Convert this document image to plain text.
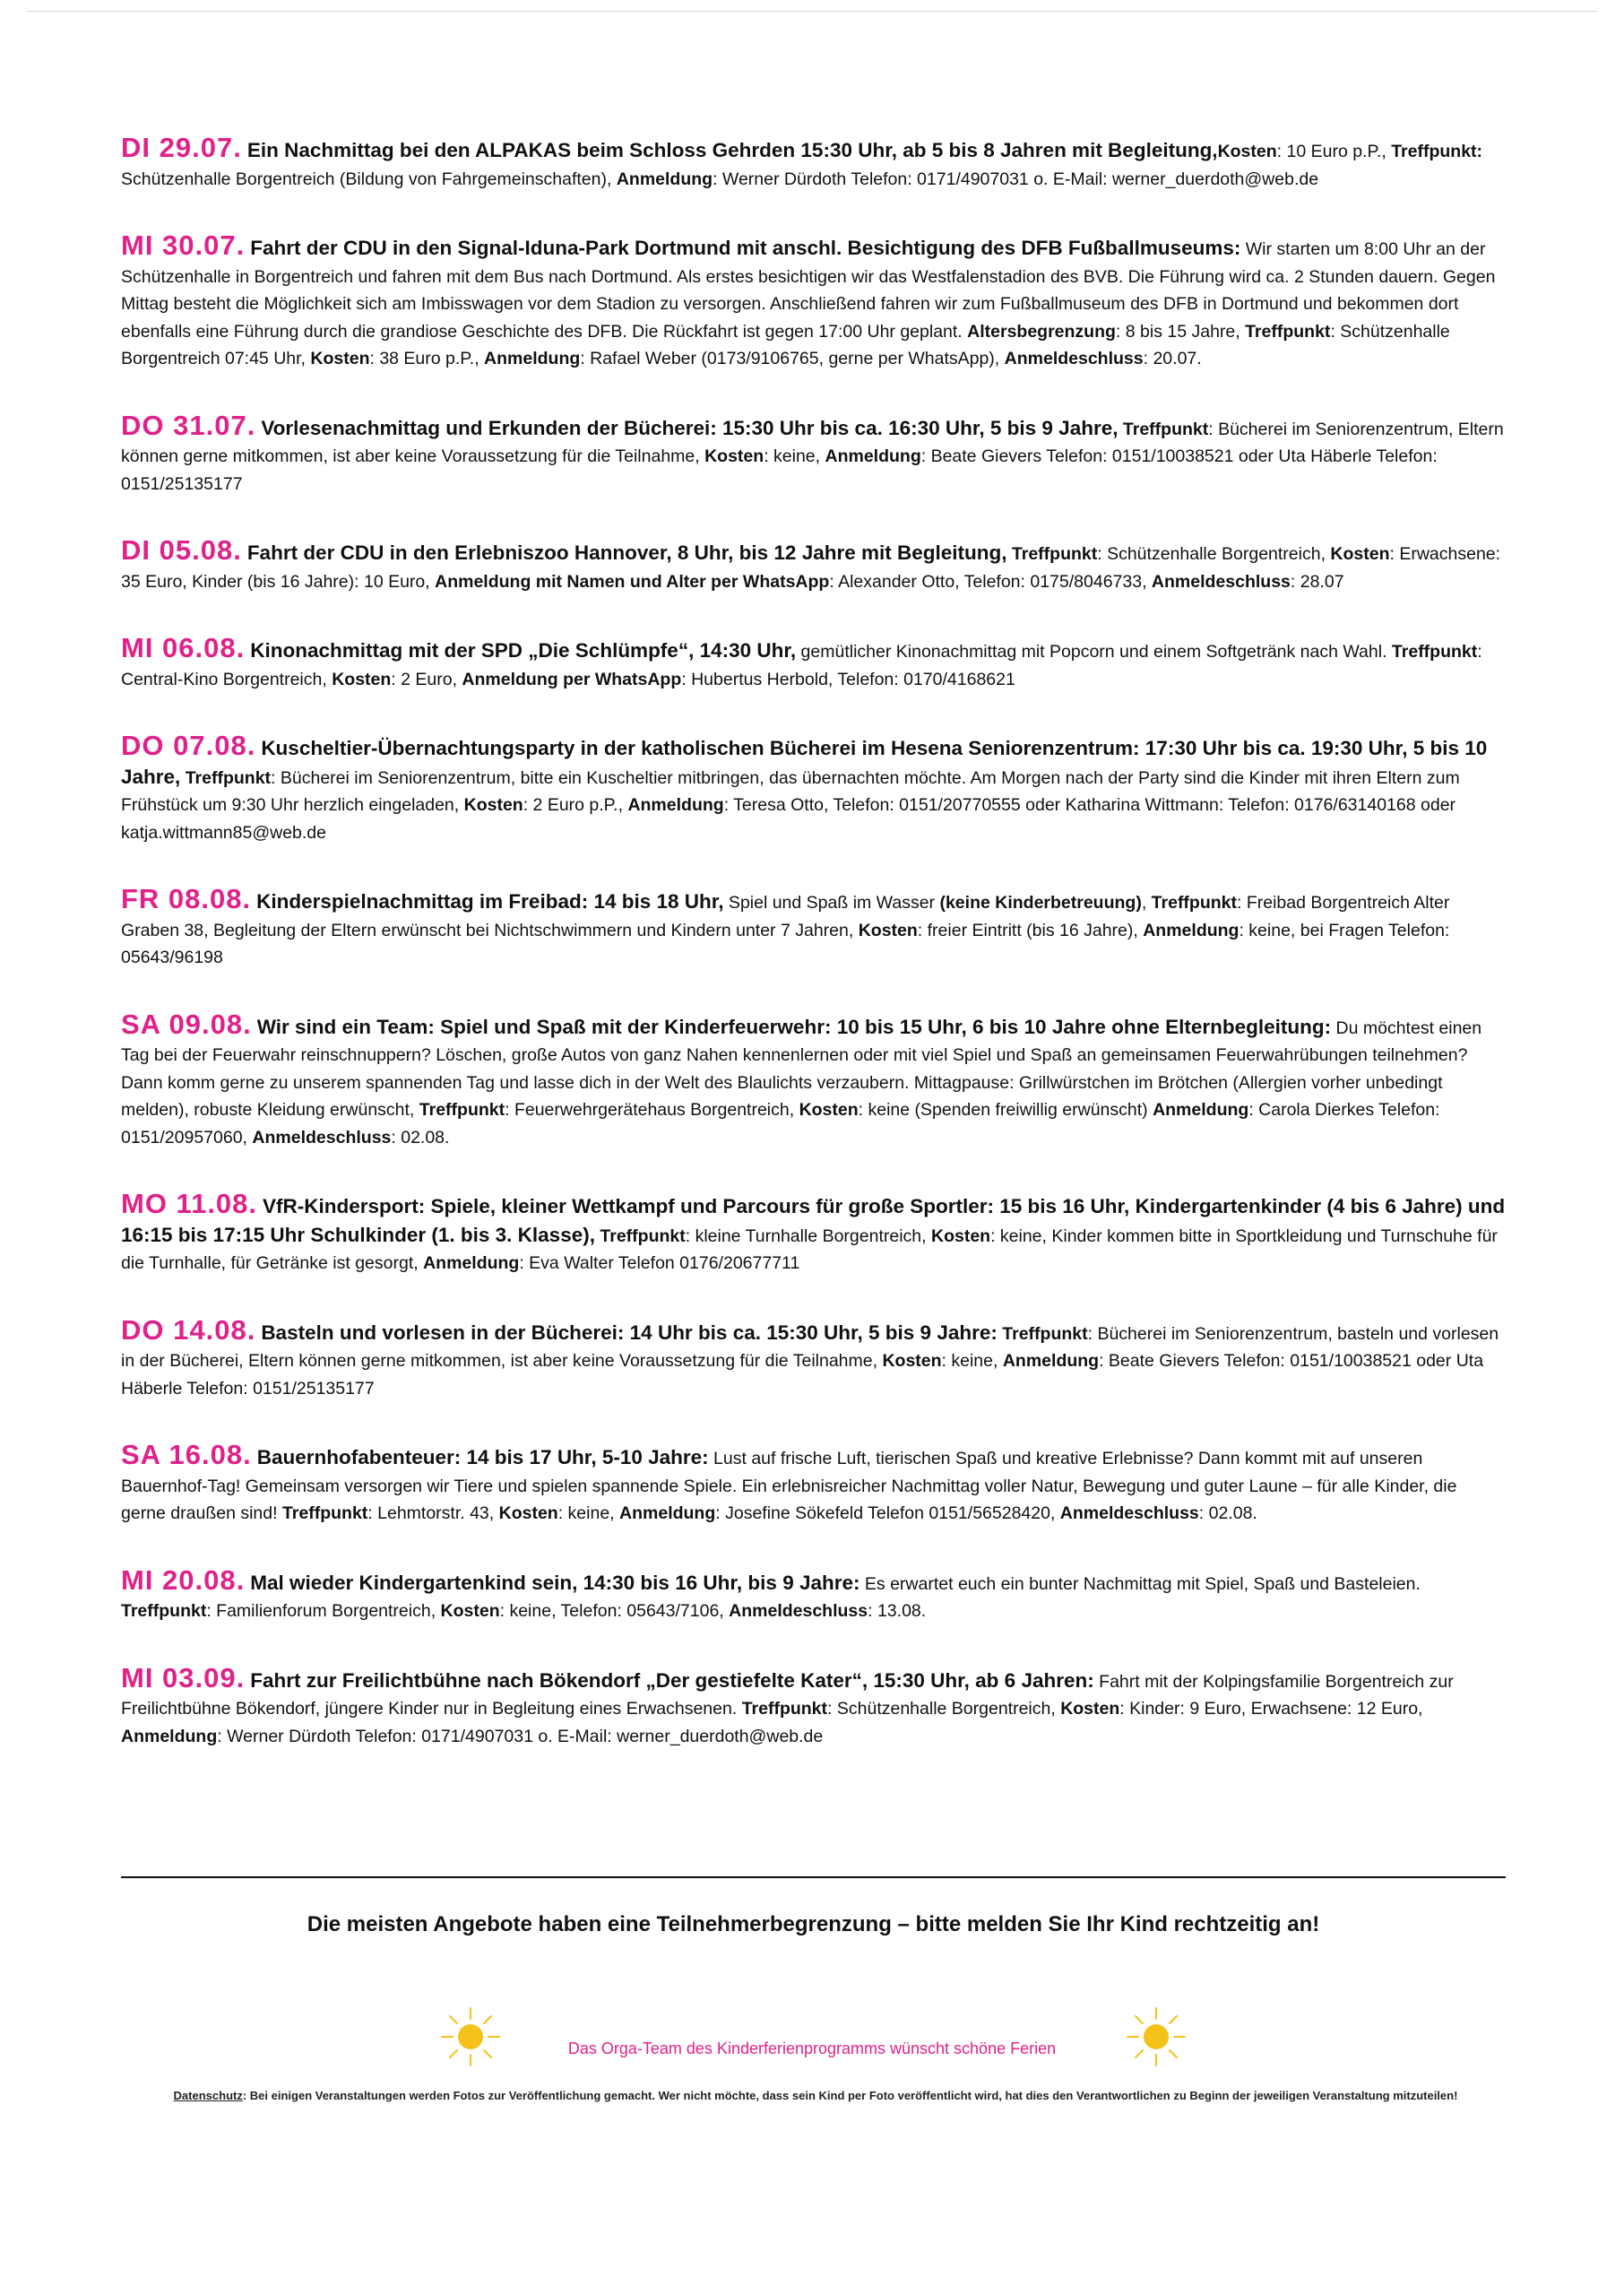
DI 29.07. Ein Nachmittag bei den ALPAKAS beim Schloss Gehrden 15:30 Uhr, ab 5 bis 8 Jahren mit Begleitung,Kosten: 10 Euro p.P., Treffpunkt: Schützenhalle Borgentreich (Bildung von Fahrgemeinschaften), Anmeldung: Werner Dürdoth Telefon: 0171/4907031 o. E-Mail: werner_duerdoth@web.de
MI 30.07. Fahrt der CDU in den Signal-Iduna-Park Dortmund mit anschl. Besichtigung des DFB Fußballmuseums: Wir starten um 8:00 Uhr an der Schützenhalle in Borgentreich und fahren mit dem Bus nach Dortmund. Als erstes besichtigen wir das Westfalenstadion des BVB. Die Führung wird ca. 2 Stunden dauern. Gegen Mittag besteht die Möglichkeit sich am Imbisswagen vor dem Stadion zu versorgen. Anschließend fahren wir zum Fußballmuseum des DFB in Dortmund und bekommen dort ebenfalls eine Führung durch die grandiose Geschichte des DFB. Die Rückfahrt ist gegen 17:00 Uhr geplant. Altersbegrenzung: 8 bis 15 Jahre, Treffpunkt: Schützenhalle Borgentreich 07:45 Uhr, Kosten: 38 Euro p.P., Anmeldung: Rafael Weber (0173/9106765, gerne per WhatsApp), Anmeldeschluss: 20.07.
DO 31.07. Vorlesenachmittag und Erkunden der Bücherei: 15:30 Uhr bis ca. 16:30 Uhr, 5 bis 9 Jahre, Treffpunkt: Bücherei im Seniorenzentrum, Eltern können gerne mitkommen, ist aber keine Voraussetzung für die Teilnahme, Kosten: keine, Anmeldung: Beate Gievers Telefon: 0151/10038521 oder Uta Häberle Telefon: 0151/25135177
DI 05.08. Fahrt der CDU in den Erlebniszoo Hannover, 8 Uhr, bis 12 Jahre mit Begleitung, Treffpunkt: Schützenhalle Borgentreich, Kosten: Erwachsene: 35 Euro, Kinder (bis 16 Jahre): 10 Euro, Anmeldung mit Namen und Alter per WhatsApp: Alexander Otto, Telefon: 0175/8046733, Anmeldeschluss: 28.07
MI 06.08. Kinonachmittag mit der SPD „Die Schlümpfe“, 14:30 Uhr, gemütlicher Kinonachmittag mit Popcorn und einem Softgetränk nach Wahl. Treffpunkt: Central-Kino Borgentreich, Kosten: 2 Euro, Anmeldung per WhatsApp: Hubertus Herbold, Telefon: 0170/4168621
DO 07.08. Kuscheltier-Übernachtungsparty in der katholischen Bücherei im Hesena Seniorenzentrum: 17:30 Uhr bis ca. 19:30 Uhr, 5 bis 10 Jahre, Treffpunkt: Bücherei im Seniorenzentrum, bitte ein Kuscheltier mitbringen, das übernachten möchte. Am Morgen nach der Party sind die Kinder mit ihren Eltern zum Frühstück um 9:30 Uhr herzlich eingeladen, Kosten: 2 Euro p.P., Anmeldung: Teresa Otto, Telefon: 0151/20770555 oder Katharina Wittmann: Telefon: 0176/63140168 oder katja.wittmann85@web.de
FR 08.08. Kinderspielnachmittag im Freibad: 14 bis 18 Uhr, Spiel und Spaß im Wasser (keine Kinderbetreuung), Treffpunkt: Freibad Borgentreich Alter Graben 38, Begleitung der Eltern erwünscht bei Nichtschwimmern und Kindern unter 7 Jahren, Kosten: freier Eintritt (bis 16 Jahre), Anmeldung: keine, bei Fragen Telefon: 05643/96198
SA 09.08. Wir sind ein Team: Spiel und Spaß mit der Kinderfeuerwehr: 10 bis 15 Uhr, 6 bis 10 Jahre ohne Elternbegleitung: Du möchtest einen Tag bei der Feuerwahr reinschnuppern? Löschen, große Autos von ganz Nahen kennenlernen oder mit viel Spiel und Spaß an gemeinsamen Feuerwahrübungen teilnehmen? Dann komm gerne zu unserem spannenden Tag und lasse dich in der Welt des Blaulichts verzaubern. Mittagpause: Grillwürstchen im Brötchen (Allergien vorher unbedingt melden), robuste Kleidung erwünscht, Treffpunkt: Feuerwehrgerätehaus Borgentreich, Kosten: keine (Spenden freiwillig erwünscht) Anmeldung: Carola Dierkes Telefon: 0151/20957060, Anmeldeschluss: 02.08.
MO 11.08. VfR-Kindersport: Spiele, kleiner Wettkampf und Parcours für große Sportler: 15 bis 16 Uhr, Kindergartenkinder (4 bis 6 Jahre) und 16:15 bis 17:15 Uhr Schulkinder (1. bis 3. Klasse), Treffpunkt: kleine Turnhalle Borgentreich, Kosten: keine, Kinder kommen bitte in Sportkleidung und Turnschuhe für die Turnhalle, für Getränke ist gesorgt, Anmeldung: Eva Walter Telefon 0176/20677711
DO 14.08. Basteln und vorlesen in der Bücherei: 14 Uhr bis ca. 15:30 Uhr, 5 bis 9 Jahre: Treffpunkt: Bücherei im Seniorenzentrum, basteln und vorlesen in der Bücherei, Eltern können gerne mitkommen, ist aber keine Voraussetzung für die Teilnahme, Kosten: keine, Anmeldung: Beate Gievers Telefon: 0151/10038521 oder Uta Häberle Telefon: 0151/25135177
SA 16.08. Bauernhofabenteuer: 14 bis 17 Uhr, 5-10 Jahre: Lust auf frische Luft, tierischen Spaß und kreative Erlebnisse? Dann kommt mit auf unseren Bauernhof-Tag! Gemeinsam versorgen wir Tiere und spielen spannende Spiele. Ein erlebnisreicher Nachmittag voller Natur, Bewegung und guter Laune – für alle Kinder, die gerne draußen sind! Treffpunkt: Lehmtorstr. 43, Kosten: keine, Anmeldung: Josefine Sökefeld Telefon 0151/56528420, Anmeldeschluss: 02.08.
MI 20.08. Mal wieder Kindergartenkind sein, 14:30 bis 16 Uhr, bis 9 Jahre: Es erwartet euch ein bunter Nachmittag mit Spiel, Spaß und Basteleien. Treffpunkt: Familienforum Borgentreich, Kosten: keine, Telefon: 05643/7106, Anmeldeschluss: 13.08.
MI 03.09. Fahrt zur Freilichtbühne nach Bökendorf „Der gestiefelte Kater“, 15:30 Uhr, ab 6 Jahren: Fahrt mit der Kolpingsfamilie Borgentreich zur Freilichtbühne Bökendorf, jüngere Kinder nur in Begleitung eines Erwachsenen. Treffpunkt: Schützenhalle Borgentreich, Kosten: Kinder: 9 Euro, Erwachsene: 12 Euro, Anmeldung: Werner Dürdoth Telefon: 0171/4907031 o. E-Mail: werner_duerdoth@web.de
Die meisten Angebote haben eine Teilnehmerbegrenzung – bitte melden Sie Ihr Kind rechtzeitig an!
Das Orga-Team des Kinderferienprogramms wünscht schöne Ferien
Datenschutz: Bei einigen Veranstaltungen werden Fotos zur Veröffentlichung gemacht. Wer nicht möchte, dass sein Kind per Foto veröffentlicht wird, hat dies den Verantwortlichen zu Beginn der jeweiligen Veranstaltung mitzuteilen!
